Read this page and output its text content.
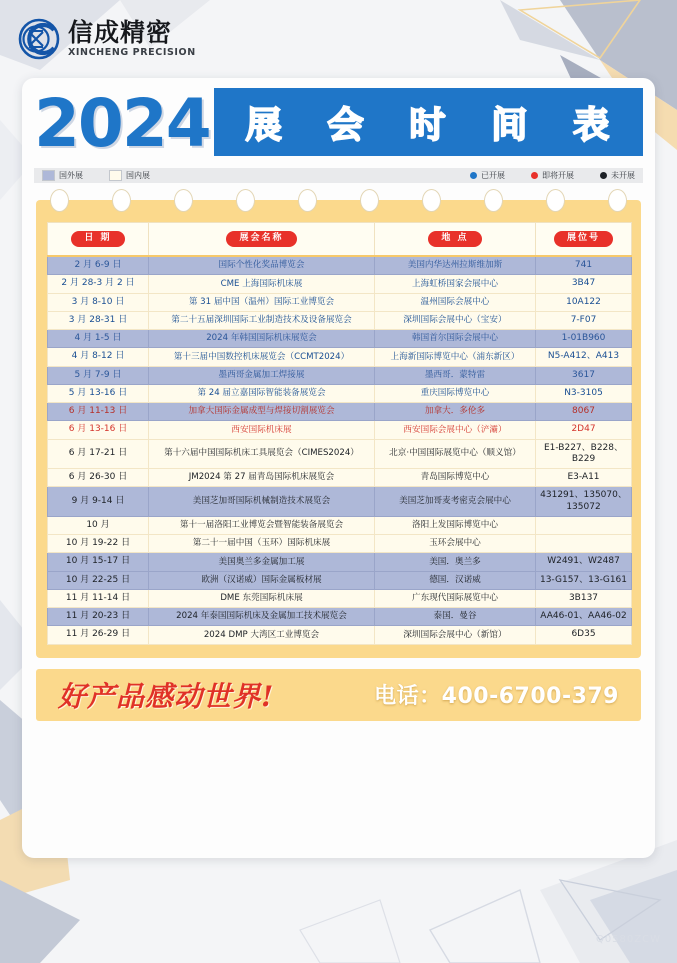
信成精密
XINCHENG PRECISION
2024 展 会 时 间 表
国外展	国内展	已开展	即将开展	未开展
日 期	展会名称	地 点	展位号
2 月 6-9 日	国际个性化奖品博览会	美国内华达州拉斯维加斯	741
2 月 28-3 月 2 日	CME 上海国际机床展	上海虹桥国家会展中心	3B47
3 月 8-10 日	第 31 届中国（温州）国际工业博览会	温州国际会展中心	10A122
3 月 28-31 日	第二十五届深圳国际工业制造技术及设备展览会	深圳国际会展中心（宝安）	7-F07
4 月 1-5 日	2024 年韩国国际机床展览会	韩国首尔国际会展中心	1-01B960
4 月 8-12 日	第十三届中国数控机床展览会（CCMT2024）	上海新国际博览中心（浦东新区）	N5-A412、A413
5 月 7-9 日	墨西哥金属加工焊接展	墨西哥．蒙特雷	3617
5 月 13-16 日	第 24 届立嘉国际智能装备展览会	重庆国际博览中心	N3-3105
6 月 11-13 日	加拿大国际金属成型与焊接切割展览会	加拿大．多伦多	8067
6 月 13-16 日	西安国际机床展	西安国际会展中心（浐灞）	2D47
6 月 17-21 日	第十六届中国国际机床工具展览会（CIMES2024）	北京·中国国际展览中心（顺义馆）	E1-B227、B228、B229
6 月 26-30 日	JM2024 第 27 届青岛国际机床展览会	青岛国际博览中心	E3-A11
9 月 9-14 日	美国芝加哥国际机械制造技术展览会	美国芝加哥麦考密克会展中心	431291、135070、135072
10 月	第十一届洛阳工业博览会暨智能装备展览会	洛阳上发国际博览中心	
10 月 19-22 日	第二十一届中国（玉环）国际机床展	玉环会展中心	
10 月 15-17 日	美国奥兰多金属加工展	美国．奥兰多	W2491、W2487
10 月 22-25 日	欧洲（汉诺威）国际金属板材展	德国．汉诺威	13-G157、13-G161
11 月 11-14 日	DME 东莞国际机床展	广东现代国际展览中心	3B137
11 月 20-23 日	2024 年泰国国际机床及金属加工技术展览会	泰国．曼谷	AA46-01、AA46-02
11 月 26-29 日	2024 DMP 大湾区工业博览会	深圳国际会展中心（新馆）	6D35
好产品感动世界!	电话：400-6700-379
Q0580ZCW
